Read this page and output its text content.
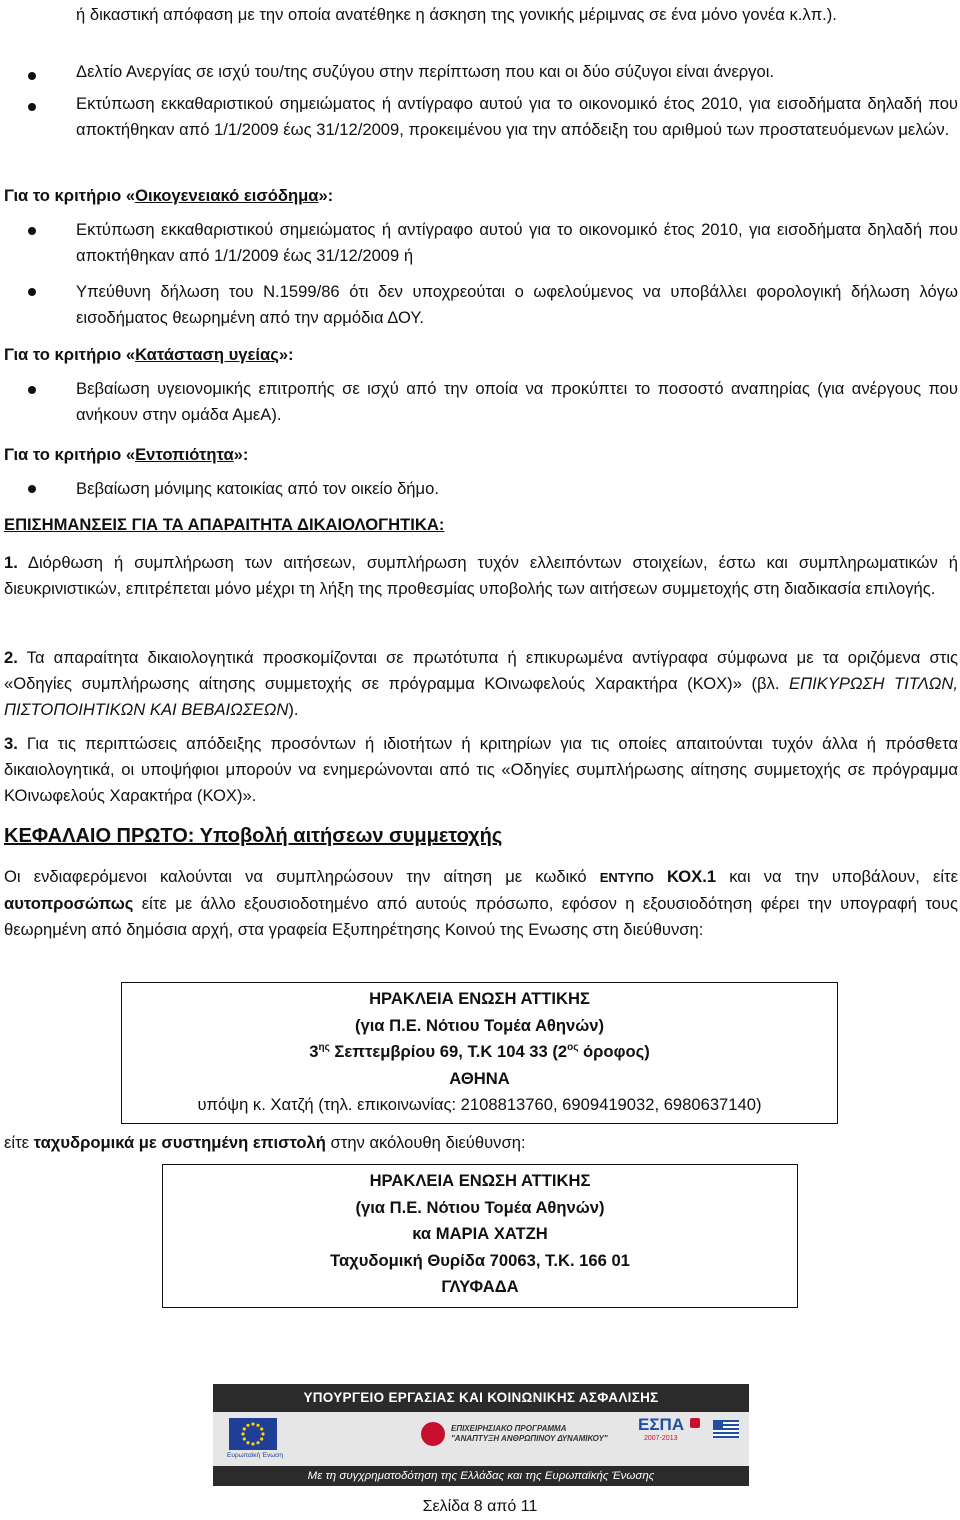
ή δικαστική απόφαση με την οποία ανατέθηκε η άσκηση της γονικής μέριμνας σε ένα μόνο γονέα κ.λπ.).

Δελτίο Ανεργίας σε ισχύ του/της συζύγου στην περίπτωση που και οι δύο σύζυγοι είναι άνεργοι.

Εκτύπωση εκκαθαριστικού σημειώματος ή αντίγραφο αυτού για το οικονομικό έτος 2010, για εισοδήματα δηλαδή που αποκτήθηκαν από 1/1/2009 έως 31/12/2009, προκειμένου για την απόδειξη του αριθμού των προστατευόμενων μελών.

Για το κριτήριο «Οικογενειακό εισόδημα»:

Εκτύπωση εκκαθαριστικού σημειώματος ή αντίγραφο αυτού για το οικονομικό έτος 2010, για εισοδήματα δηλαδή που αποκτήθηκαν από 1/1/2009 έως 31/12/2009 ή

Υπεύθυνη δήλωση του Ν.1599/86 ότι δεν υποχρεούται ο ωφελούμενος να υποβάλλει φορολογική δήλωση λόγω εισοδήματος θεωρημένη από την αρμόδια ΔΟΥ.

Για το κριτήριο «Κατάσταση υγείας»:

Βεβαίωση υγειονομικής επιτροπής σε ισχύ από την οποία να προκύπτει το ποσοστό αναπηρίας (για ανέργους που ανήκουν στην ομάδα ΑμεΑ).

Για το κριτήριο «Εντοπιότητα»:

Βεβαίωση μόνιμης κατοικίας από τον οικείο δήμο.

ΕΠΙΣΗΜΑΝΣΕΙΣ ΓΙΑ ΤΑ ΑΠΑΡΑΙΤΗΤΑ ΔΙΚΑΙΟΛΟΓΗΤΙΚΑ:

1. Διόρθωση ή συμπλήρωση των αιτήσεων, συμπλήρωση τυχόν ελλειπόντων στοιχείων, έστω και συμπληρωματικών ή διευκρινιστικών, επιτρέπεται μόνο μέχρι τη λήξη της προθεσμίας υποβολής των αιτήσεων συμμετοχής στη διαδικασία επιλογής.

2. Τα απαραίτητα δικαιολογητικά προσκομίζονται σε πρωτότυπα ή επικυρωμένα αντίγραφα σύμφωνα με τα οριζόμενα στις «Οδηγίες συμπλήρωσης αίτησης συμμετοχής σε πρόγραμμα ΚΟινωφελούς Χαρακτήρα (ΚΟΧ)» (βλ. ΕΠΙΚΥΡΩΣΗ ΤΙΤΛΩΝ, ΠΙΣΤΟΠΟΙΗΤΙΚΩΝ ΚΑΙ ΒΕΒΑΙΩΣΕΩΝ).

3. Για τις περιπτώσεις απόδειξης προσόντων ή ιδιοτήτων ή κριτηρίων για τις οποίες απαιτούνται τυχόν άλλα ή πρόσθετα δικαιολογητικά, οι υποψήφιοι μπορούν να ενημερώνονται από τις «Οδηγίες συμπλήρωσης αίτησης συμμετοχής σε πρόγραμμα ΚΟινωφελούς Χαρακτήρα (ΚΟΧ)».

ΚΕΦΑΛΑΙΟ ΠΡΩΤΟ: Υποβολή αιτήσεων συμμετοχής

Οι ενδιαφερόμενοι καλούνται να συμπληρώσουν την αίτηση με κωδικό ΕΝΤΥΠΟ ΚΟΧ.1 και να την υποβάλουν, είτε αυτοπροσώπως είτε με άλλο εξουσιοδοτημένο από αυτούς πρόσωπο, εφόσον η εξουσιοδότηση φέρει την υπογραφή τους θεωρημένη από δημόσια αρχή, στα γραφεία Εξυπηρέτησης Κοινού της Ενωσης στη διεύθυνση:

ΗΡΑΚΛΕΙΑ ΕΝΩΣΗ ΑΤΤΙΚΗΣ

(για Π.Ε. Νότιου Τομέα Αθηνών)

$3^{\eta\varsigma}$ Σεπτεμβρίου 69, Τ.Κ 104 33 ($2^{o\varsigma}$ όροφος)

ΑΘΗΝΑ

υπόψη κ. Χατζή (τηλ. επικοινωνίας: 2108813760, 6909419032, 6980637140)

είτε ταχυδρομικά με συστημένη επιστολή στην ακόλουθη διεύθυνση:

ΗΡΑΚΛΕΙΑ ΕΝΩΣΗ ΑΤΤΙΚΗΣ

(για Π.Ε. Νότιου Τομέα Αθηνών)

κα ΜΑΡΙΑ ΧΑΤΖΗ

Ταχυδομική Θυρίδα 70063, Τ.Κ. 166 01

ΓΛΥΦΑΔΑ

ΥΠΟΥΡΓΕΙΟ ΕΡΓΑΣΙΑΣ ΚΑΙ ΚΟΙΝΩΝΙΚΗΣ ΑΣΦΑΛΙΣΗΣ
Ευρωπαϊκή Ένωση
ΕΠΙΧΕΙΡΗΣΙΑΚΟ ΠΡΟΓΡΑΜΜΑ
"ΑΝΑΠΤΥΞΗ ΑΝΘΡΩΠΙΝΟΥ ΔΥΝΑΜΙΚΟΥ"
ΕΣΠΑ
2007-2013
Με τη συγχρηματοδότηση της Ελλάδας και της Ευρωπαϊκής Ένωσης

Σελίδα 8 από 11
